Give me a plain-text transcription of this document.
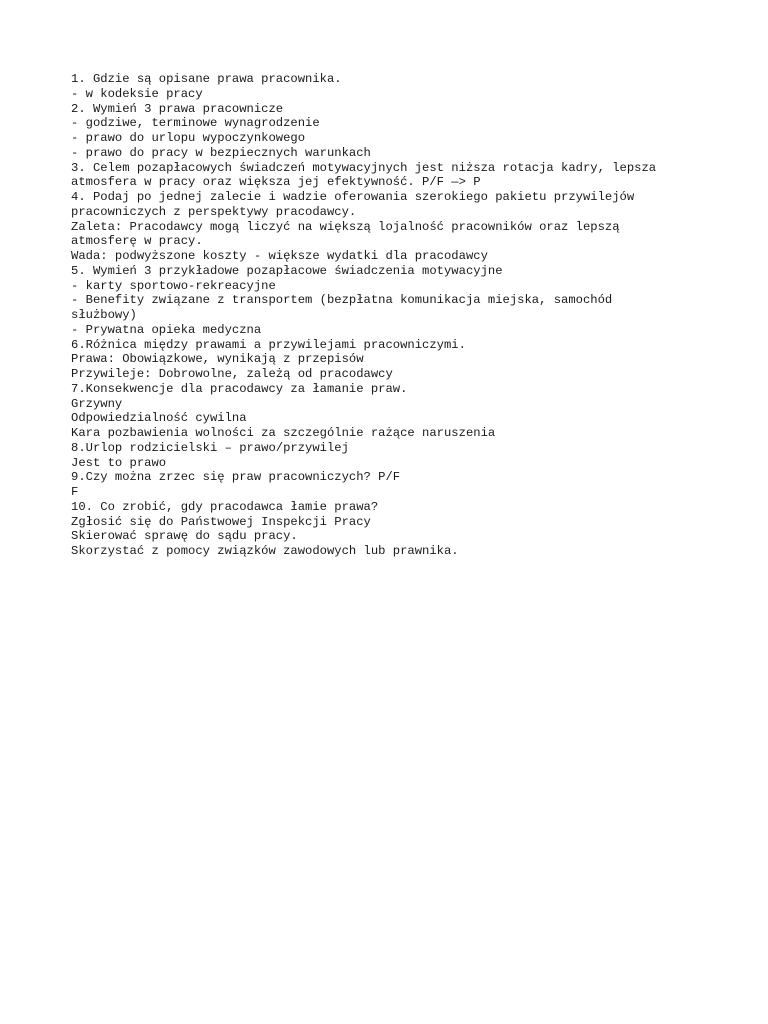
1. Gdzie są opisane prawa pracownika.
- w kodeksie pracy
2. Wymień 3 prawa pracownicze
- godziwe, terminowe wynagrodzenie
- prawo do urlopu wypoczynkowego
- prawo do pracy w bezpiecznych warunkach
3. Celem pozapłacowych świadczeń motywacyjnych jest niższa rotacja kadry, lepsza
atmosfera w pracy oraz większa jej efektywność. P/F —> P
4. Podaj po jednej zalecie i wadzie oferowania szerokiego pakietu przywilejów
pracowniczych z perspektywy pracodawcy.
Zaleta: Pracodawcy mogą liczyć na większą lojalność pracowników oraz lepszą
atmosferę w pracy.
Wada: podwyższone koszty - większe wydatki dla pracodawcy
5. Wymień 3 przykładowe pozapłacowe świadczenia motywacyjne
- karty sportowo-rekreacyjne
- Benefity związane z transportem (bezpłatna komunikacja miejska, samochód
służbowy)
- Prywatna opieka medyczna
6.Różnica między prawami a przywilejami pracowniczymi.
Prawa: Obowiązkowe, wynikają z przepisów
Przywileje: Dobrowolne, zależą od pracodawcy
7.Konsekwencje dla pracodawcy za łamanie praw.
Grzywny
Odpowiedzialność cywilna
Kara pozbawienia wolności za szczególnie rażące naruszenia
8.Urlop rodzicielski – prawo/przywilej
Jest to prawo
9.Czy można zrzec się praw pracowniczych? P/F
F
10. Co zrobić, gdy pracodawca łamie prawa?
Zgłosić się do Państwowej Inspekcji Pracy
Skierować sprawę do sądu pracy.
Skorzystać z pomocy związków zawodowych lub prawnika.
